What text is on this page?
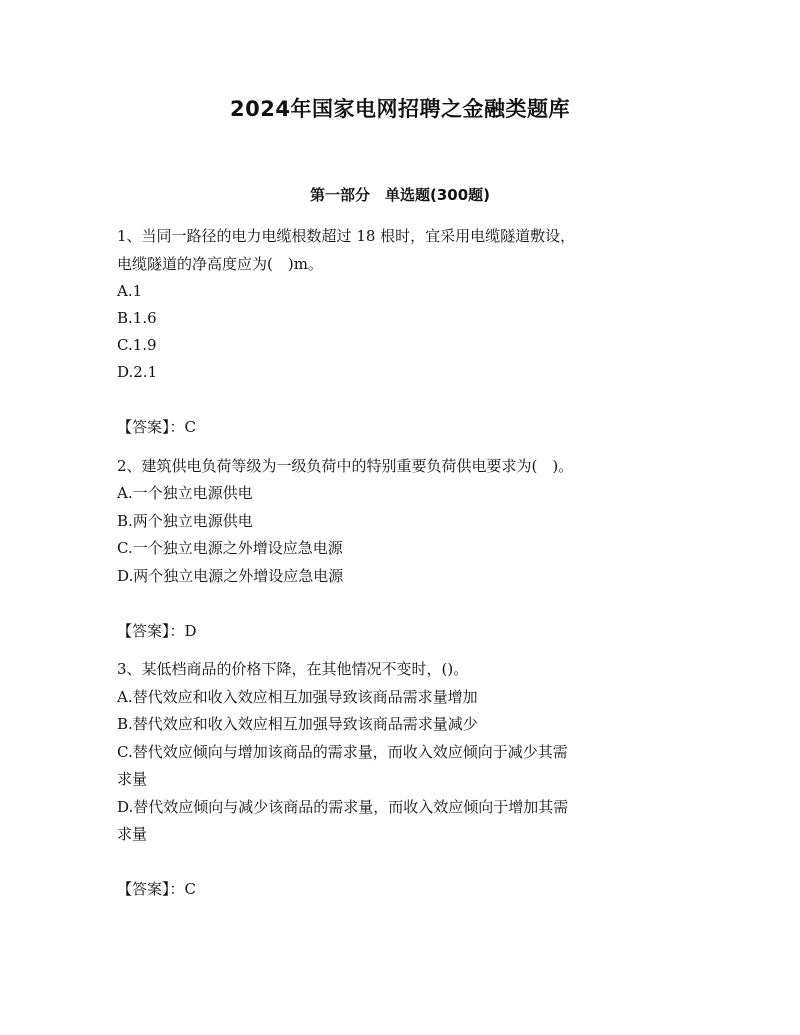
2024年国家电网招聘之金融类题库
第一部分　单选题(300题)
1、当同一路径的电力电缆根数超过 18 根时，宜采用电缆隧道敷设，
电缆隧道的净高度应为(　)m。
A.1
B.1.6
C.1.9
D.2.1
【答案】：C
2、建筑供电负荷等级为一级负荷中的特别重要负荷供电要求为(　)。
A.一个独立电源供电
B.两个独立电源供电
C.一个独立电源之外增设应急电源
D.两个独立电源之外增设应急电源
【答案】：D
3、某低档商品的价格下降，在其他情况不变时，()。
A.替代效应和收入效应相互加强导致该商品需求量增加
B.替代效应和收入效应相互加强导致该商品需求量减少
C.替代效应倾向与增加该商品的需求量，而收入效应倾向于减少其需
求量
D.替代效应倾向与减少该商品的需求量，而收入效应倾向于增加其需
求量
【答案】：C
